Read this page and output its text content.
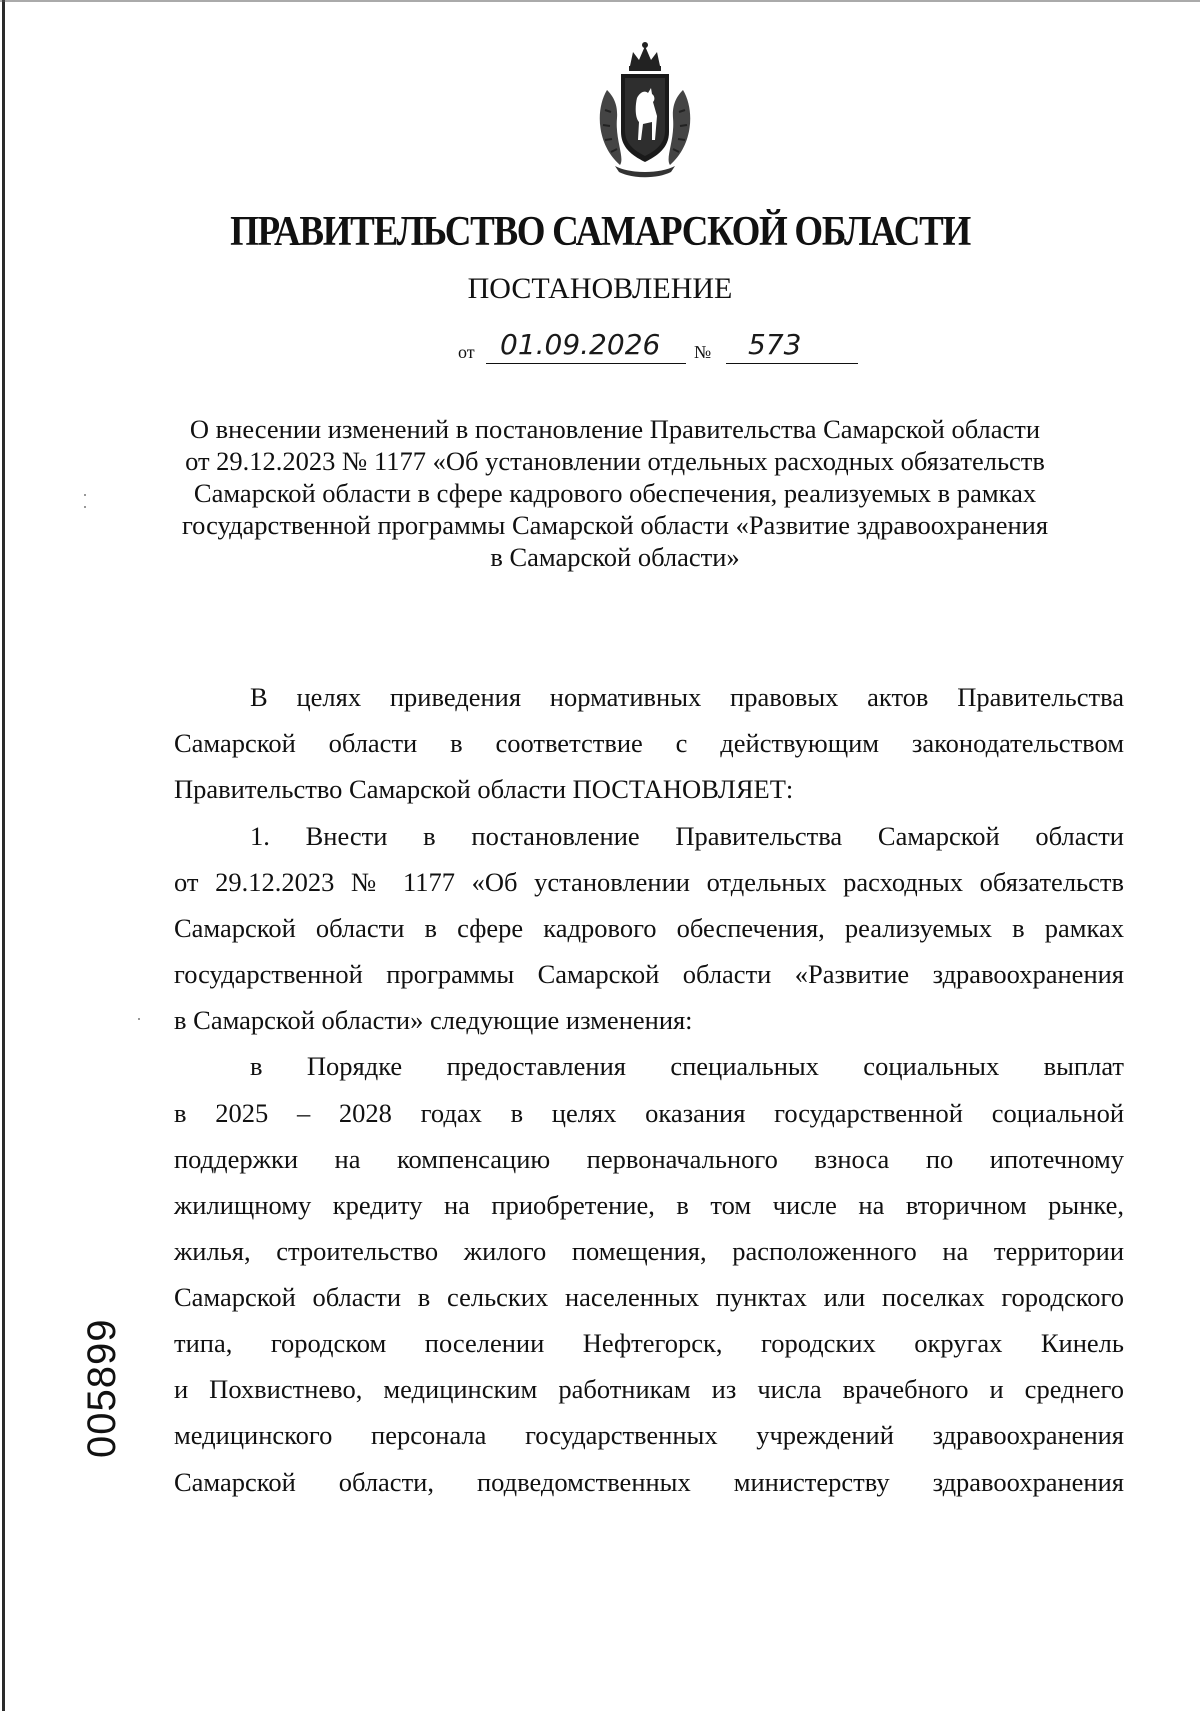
ПРАВИТЕЛЬСТВО САМАРСКОЙ ОБЛАСТИ
ПОСТАНОВЛЕНИЕ
от 01.09.2026	№	573
О внесении изменений в постановление Правительства Самарской области
от 29.12.2023 № 1177 «Об установлении отдельных расходных обязательств
Самарской области в сфере кадрового обеспечения, реализуемых в рамках
государственной программы Самарской области «Развитие здравоохранения
в Самарской области»
В целях приведения нормативных правовых актов Правительства
Самарской области в соответствие с действующим законодательством
Правительство Самарской области ПОСТАНОВЛЯЕТ:
1. Внести в постановление Правительства Самарской области
от 29.12.2023 № 1177 «Об установлении отдельных расходных обязательств
Самарской области в сфере кадрового обеспечения, реализуемых в рамках
государственной программы Самарской области «Развитие здравоохранения
в Самарской области» следующие изменения:
в Порядке предоставления специальных социальных выплат
в 2025 – 2028 годах в целях оказания государственной социальной
поддержки на компенсацию первоначального взноса по ипотечному
жилищному кредиту на приобретение, в том числе на вторичном рынке,
жилья, строительство жилого помещения, расположенного на территории
Самарской области в сельских населенных пунктах или поселках городского
типа, городском поселении Нефтегорск, городских округах Кинель
и Похвистнево, медицинским работникам из числа врачебного и среднего
медицинского персонала государственных учреждений здравоохранения
Самарской области, подведомственных министерству здравоохранения
005899
